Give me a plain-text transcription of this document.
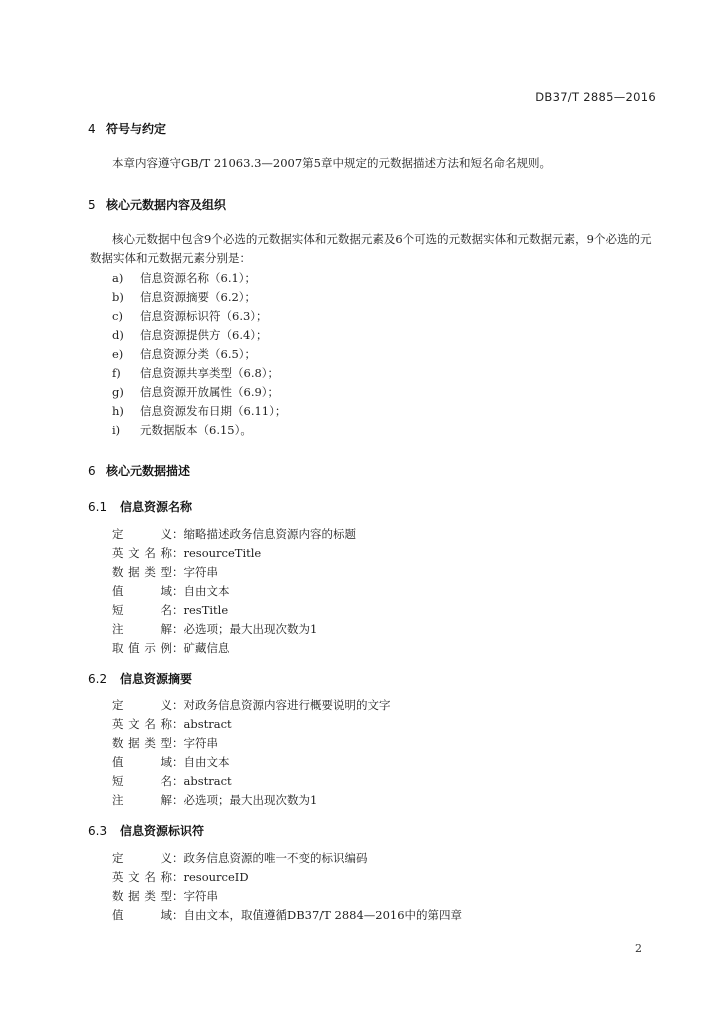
DB37/T 2885—2016
4 符号与约定
本章内容遵守GB/T 21063.3—2007第5章中规定的元数据描述方法和短名命名规则。
5 核心元数据内容及组织
核心元数据中包含9个必选的元数据实体和元数据元素及6个可选的元数据实体和元数据元素，9个必选的元数据实体和元数据元素分别是：
a) 信息资源名称（6.1）；
b) 信息资源摘要（6.2）；
c) 信息资源标识符（6.3）；
d) 信息资源提供方（6.4）；
e) 信息资源分类（6.5）；
f) 信息资源共享类型（6.8）；
g) 信息资源开放属性（6.9）；
h) 信息资源发布日期（6.11）；
i) 元数据版本（6.15）。
6 核心元数据描述
6.1 信息资源名称
定　义：缩略描述政务信息资源内容的标题
英文名称：resourceTitle
数据类型：字符串
值　域：自由文本
短　名：resTitle
注　解：必选项；最大出现次数为1
取值示例：矿藏信息
6.2 信息资源摘要
定　义：对政务信息资源内容进行概要说明的文字
英文名称：abstract
数据类型：字符串
值　域：自由文本
短　名：abstract
注　解：必选项；最大出现次数为1
6.3 信息资源标识符
定　义：政务信息资源的唯一不变的标识编码
英文名称：resourceID
数据类型：字符串
值　域：自由文本，取值遵循DB37/T 2884—2016中的第四章
2
